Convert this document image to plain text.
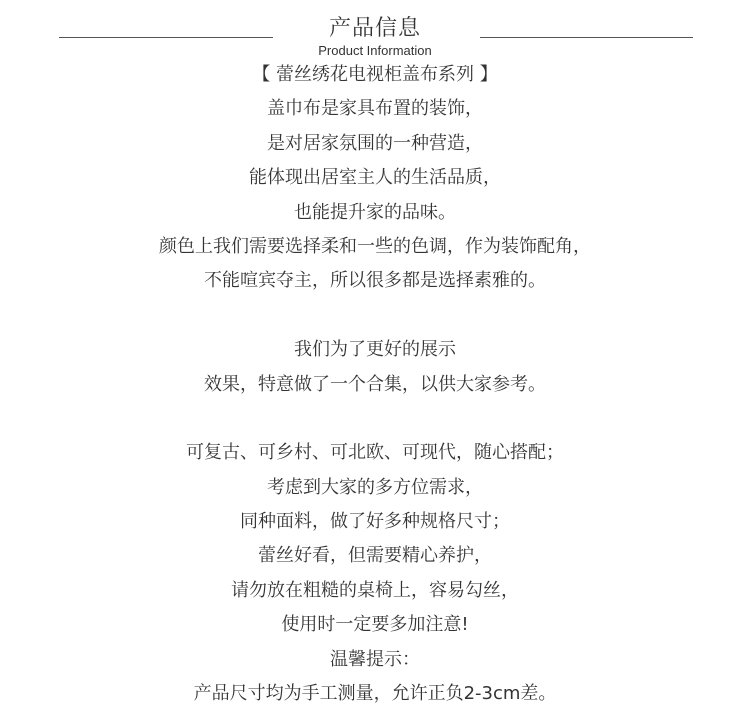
产品信息
Product Information
【 蕾丝绣花电视柜盖布系列 】
盖巾布是家具布置的装饰，
是对居家氛围的一种营造，
能体现出居室主人的生活品质，
也能提升家的品味。
颜色上我们需要选择柔和一些的色调，作为装饰配角，
不能喧宾夺主，所以很多都是选择素雅的。
我们为了更好的展示
效果，特意做了一个合集，以供大家参考。
可复古、可乡村、可北欧、可现代，随心搭配；
考虑到大家的多方位需求，
同种面料，做了好多种规格尺寸；
蕾丝好看，但需要精心养护，
请勿放在粗糙的桌椅上，容易勾丝，
使用时一定要多加注意!
温馨提示：
产品尺寸均为手工测量，允许正负2-3cm差。
